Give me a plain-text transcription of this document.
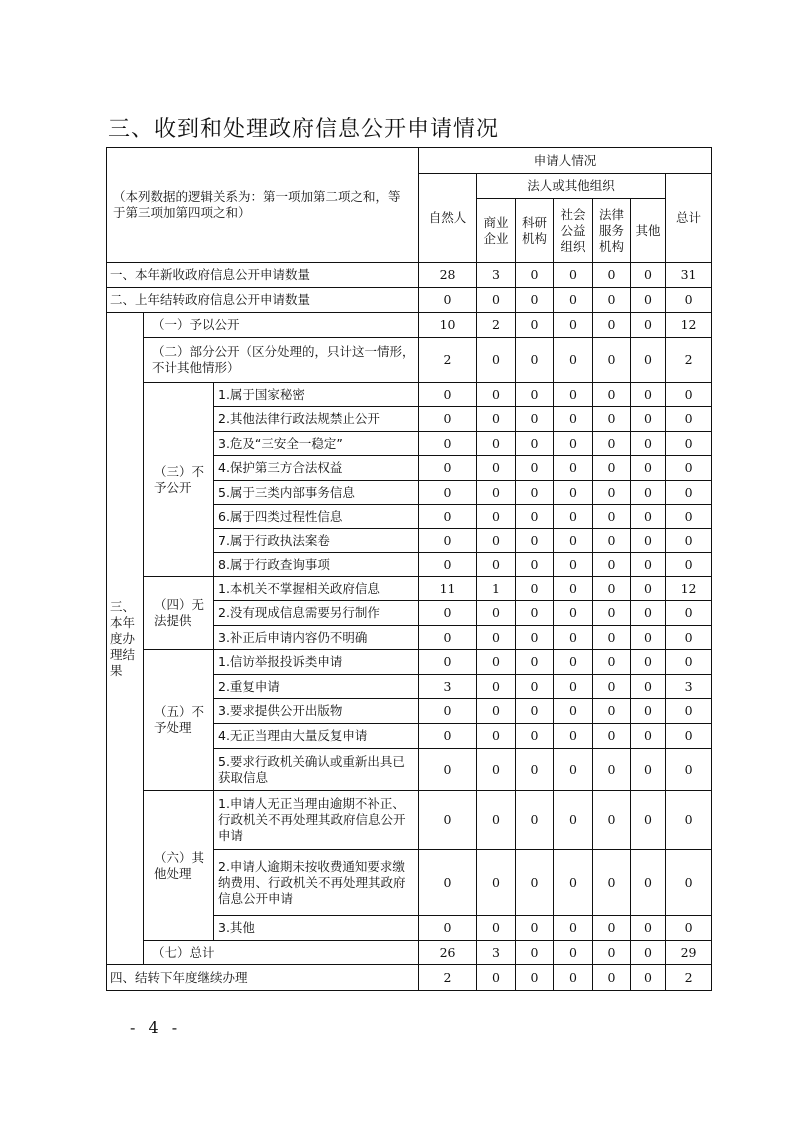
三、收到和处理政府信息公开申请情况
（本列数据的逻辑关系为：第一项加第二项之和，等于第三项加第四项之和）			申请人情况						
			自然人	法人或其他组织					总计
				商业企业	科研机构	社会公益组织	法律服务机构	其他	
一、本年新收政府信息公开申请数量			28	3	0	0	0	0	31
二、上年结转政府信息公开申请数量			0	0	0	0	0	0	0
三、本年度办理结果	（一）予以公开		10	2	0	0	0	0	12
	（二）部分公开（区分处理的，只计这一情形，不计其他情形）		2	0	0	0	0	0	2
	（三）不予公开	1.属于国家秘密	0	0	0	0	0	0	0
		2.其他法律行政法规禁止公开	0	0	0	0	0	0	0
		3.危及“三安全一稳定”	0	0	0	0	0	0	0
		4.保护第三方合法权益	0	0	0	0	0	0	0
		5.属于三类内部事务信息	0	0	0	0	0	0	0
		6.属于四类过程性信息	0	0	0	0	0	0	0
		7.属于行政执法案卷	0	0	0	0	0	0	0
		8.属于行政查询事项	0	0	0	0	0	0	0
	（四）无法提供	1.本机关不掌握相关政府信息	11	1	0	0	0	0	12
		2.没有现成信息需要另行制作	0	0	0	0	0	0	0
		3.补正后申请内容仍不明确	0	0	0	0	0	0	0
	（五）不予处理	1.信访举报投诉类申请	0	0	0	0	0	0	0
		2.重复申请	3	0	0	0	0	0	3
		3.要求提供公开出版物	0	0	0	0	0	0	0
		4.无正当理由大量反复申请	0	0	0	0	0	0	0
		5.要求行政机关确认或重新出具已获取信息	0	0	0	0	0	0	0
	（六）其他处理	1.申请人无正当理由逾期不补正、行政机关不再处理其政府信息公开申请	0	0	0	0	0	0	0
		2.申请人逾期未按收费通知要求缴纳费用、行政机关不再处理其政府信息公开申请	0	0	0	0	0	0	0
		3.其他	0	0	0	0	0	0	0
	（七）总计		26	3	0	0	0	0	29
四、结转下年度继续办理			2	0	0	0	0	0	2
- 4 -
